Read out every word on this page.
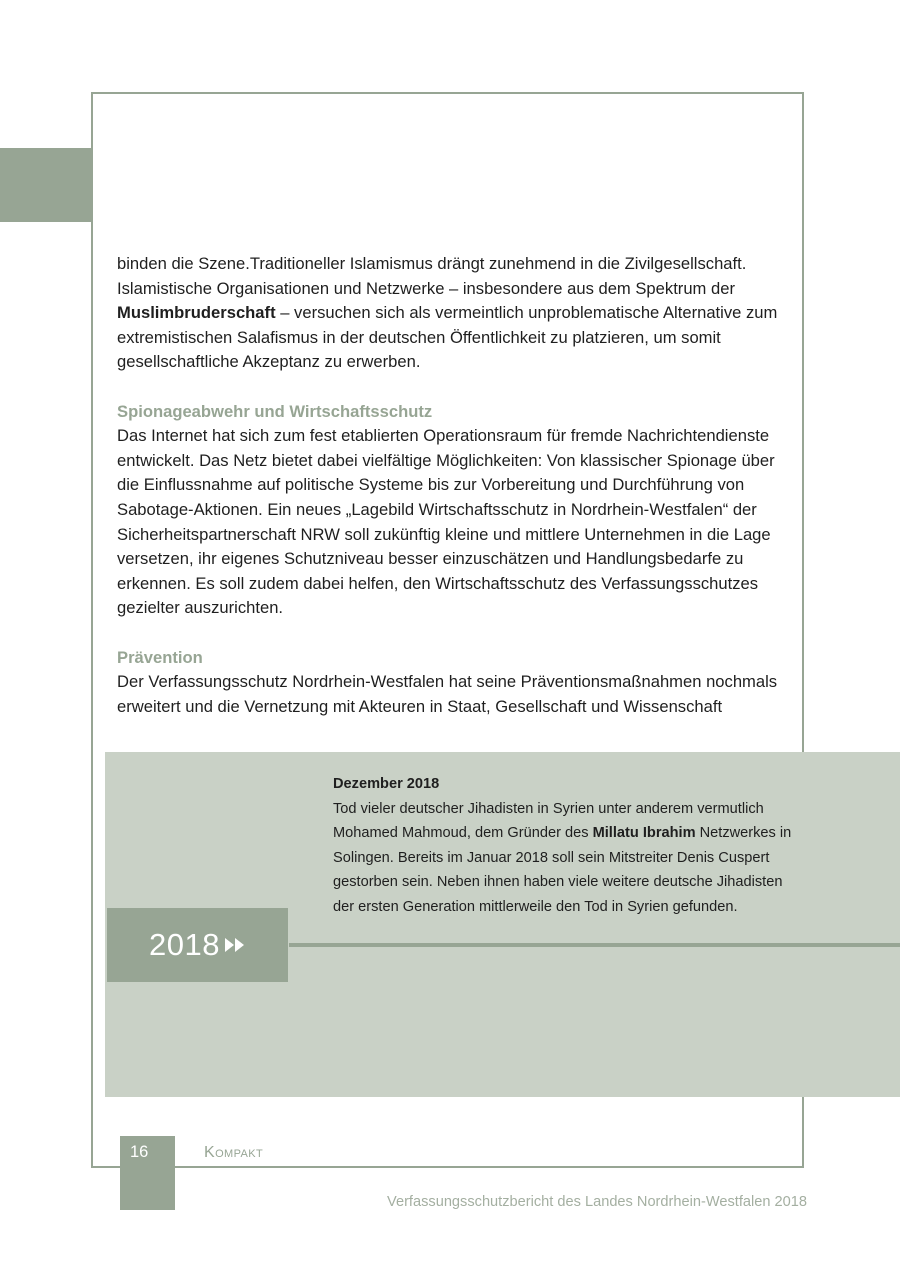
binden die Szene.Traditioneller Islamismus drängt zunehmend in die Zivilgesellschaft. Islamistische Organisationen und Netzwerke – insbesondere aus dem Spektrum der Muslimbruderschaft – versuchen sich als vermeintlich unproblematische Alternative zum extremistischen Salafismus in der deutschen Öffentlichkeit zu platzieren, um somit gesellschaftliche Akzeptanz zu erwerben.

Spionageabwehr und Wirtschaftsschutz

Das Internet hat sich zum fest etablierten Operationsraum für fremde Nachrichtendienste entwickelt. Das Netz bietet dabei vielfältige Möglichkeiten: Von klassischer Spionage über die Einflussnahme auf politische Systeme bis zur Vorbereitung und Durchführung von Sabotage-Aktionen. Ein neues „Lagebild Wirtschaftsschutz in Nordrhein-Westfalen“ der Sicherheitspartnerschaft NRW soll zukünftig kleine und mittlere Unternehmen in die Lage versetzen, ihr eigenes Schutzniveau besser einzuschätzen und Handlungsbedarfe zu erkennen. Es soll zudem dabei helfen, den Wirtschaftsschutz des Verfassungsschutzes gezielter auszurichten.

Prävention

Der Verfassungsschutz Nordrhein-Westfalen hat seine Präventionsmaßnahmen nochmals erweitert und die Vernetzung mit Akteuren in Staat, Gesellschaft und Wissenschaft

Dezember 2018

Tod vieler deutscher Jihadisten in Syrien unter anderem vermutlich Mohamed Mahmoud, dem Gründer des Millatu Ibrahim Netzwerkes in Solingen. Bereits im Januar 2018 soll sein Mitstreiter Denis Cuspert gestorben sein. Neben ihnen haben viele weitere deutsche Jihadisten der ersten Generation mittlerweile den Tod in Syrien gefunden.

2018
16	Kompakt
Verfassungsschutzbericht des Landes Nordrhein-Westfalen 2018
